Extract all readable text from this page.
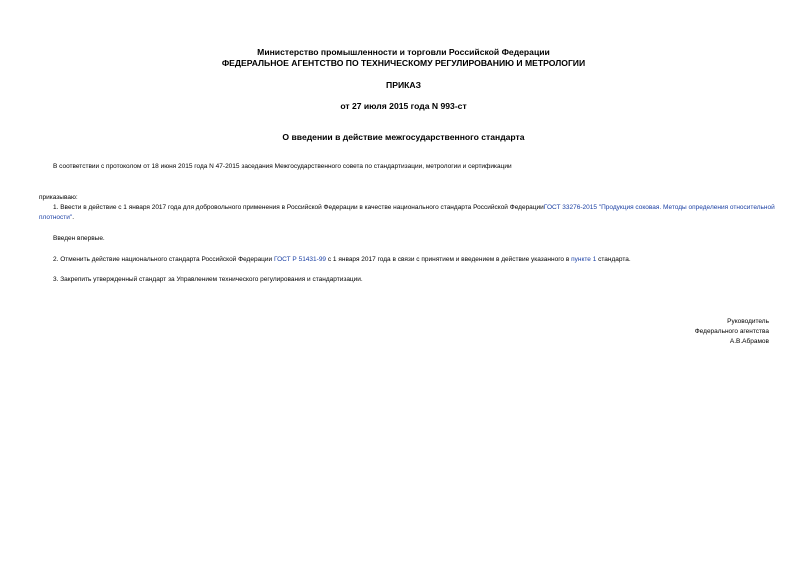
Министерство промышленности и торговли Российской Федерации
ФЕДЕРАЛЬНОЕ АГЕНТСТВО ПО ТЕХНИЧЕСКОМУ РЕГУЛИРОВАНИЮ И МЕТРОЛОГИИ
ПРИКАЗ
от 27 июля 2015 года N 993-ст
О введении в действие межгосударственного стандарта
В соответствии с протоколом от 18 июня 2015 года N 47-2015 заседания Межгосударственного совета по стандартизации, метрологии и сертификации
приказываю:
1. Ввести в действие с 1 января 2017 года для добровольного применения в Российской Федерации в качестве национального стандарта Российской ФедерацииГОСТ 33276-2015 "Продукция соковая. Методы определения относительной плотности".
Введен впервые.
2. Отменить действие национального стандарта Российской Федерации ГОСТ Р 51431-99 с 1 января 2017 года в связи с принятием и введением в действие указанного в пункте 1 стандарта.
3. Закрепить утвержденный стандарт за Управлением технического регулирования и стандартизации.
Руководитель
Федерального агентства
А.В.Абрамов
